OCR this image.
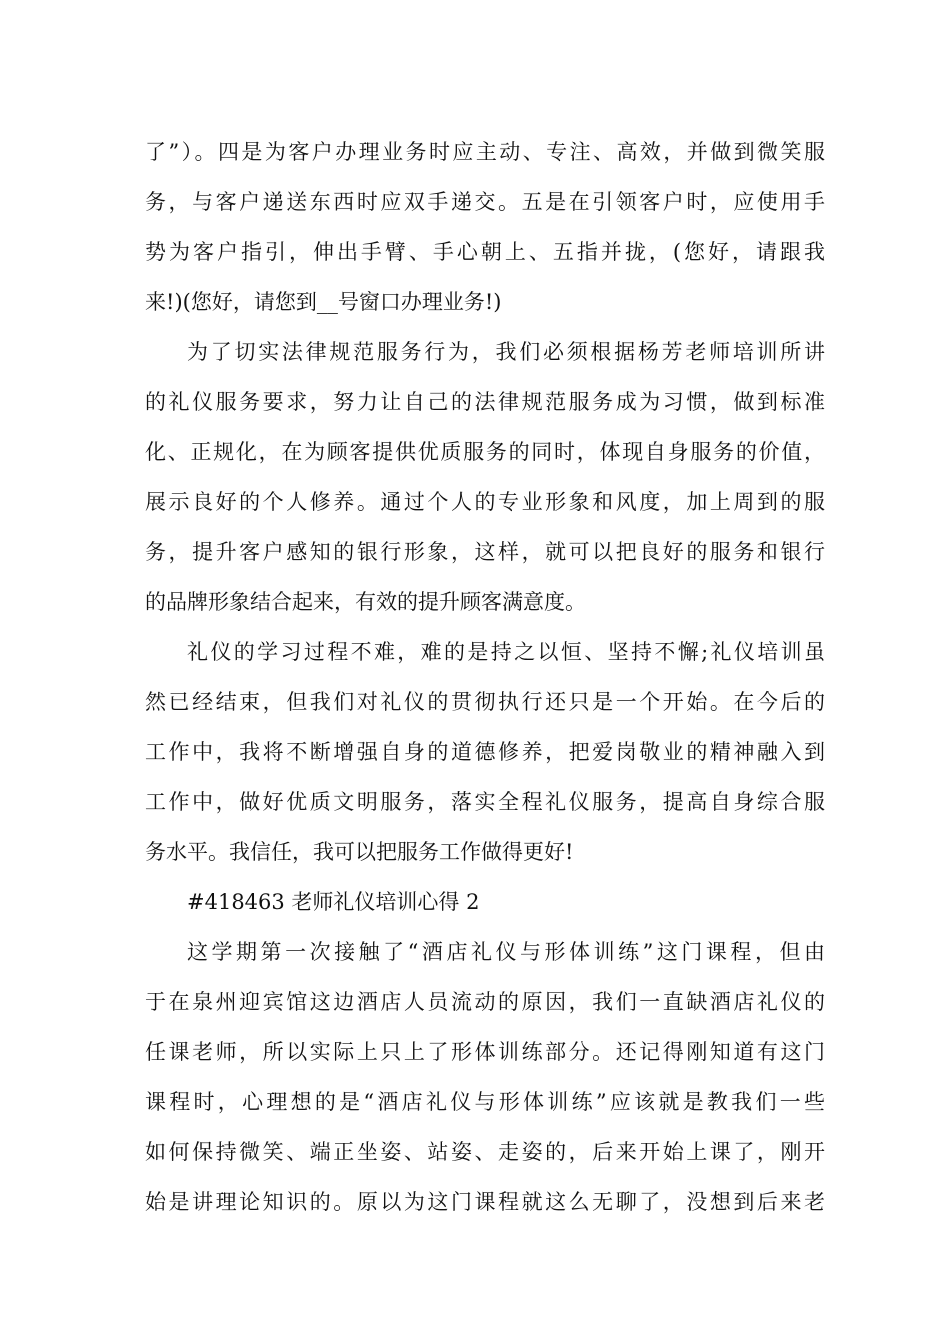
了”）。四是为客户办理业务时应主动、专注、高效，并做到微笑服
务，与客户递送东西时应双手递交。五是在引领客户时，应使用手
势为客户指引，伸出手臂、手心朝上、五指并拢，(您好，请跟我
来!)(您好，请您到__号窗口办理业务!)
为了切实法律规范服务行为，我们必须根据杨芳老师培训所讲
的礼仪服务要求，努力让自己的法律规范服务成为习惯，做到标准
化、正规化，在为顾客提供优质服务的同时，体现自身服务的价值，
展示良好的个人修养。通过个人的专业形象和风度，加上周到的服
务，提升客户感知的银行形象，这样，就可以把良好的服务和银行
的品牌形象结合起来，有效的提升顾客满意度。
礼仪的学习过程不难，难的是持之以恒、坚持不懈;礼仪培训虽
然已经结束，但我们对礼仪的贯彻执行还只是一个开始。在今后的
工作中，我将不断增强自身的道德修养，把爱岗敬业的精神融入到
工作中，做好优质文明服务，落实全程礼仪服务，提高自身综合服
务水平。我信任，我可以把服务工作做得更好!
#418463 老师礼仪培训心得 2
这学期第一次接触了“酒店礼仪与形体训练”这门课程，但由
于在泉州迎宾馆这边酒店人员流动的原因，我们一直缺酒店礼仪的
任课老师，所以实际上只上了形体训练部分。还记得刚知道有这门
课程时，心理想的是“酒店礼仪与形体训练”应该就是教我们一些
如何保持微笑、端正坐姿、站姿、走姿的，后来开始上课了，刚开
始是讲理论知识的。原以为这门课程就这么无聊了，没想到后来老
